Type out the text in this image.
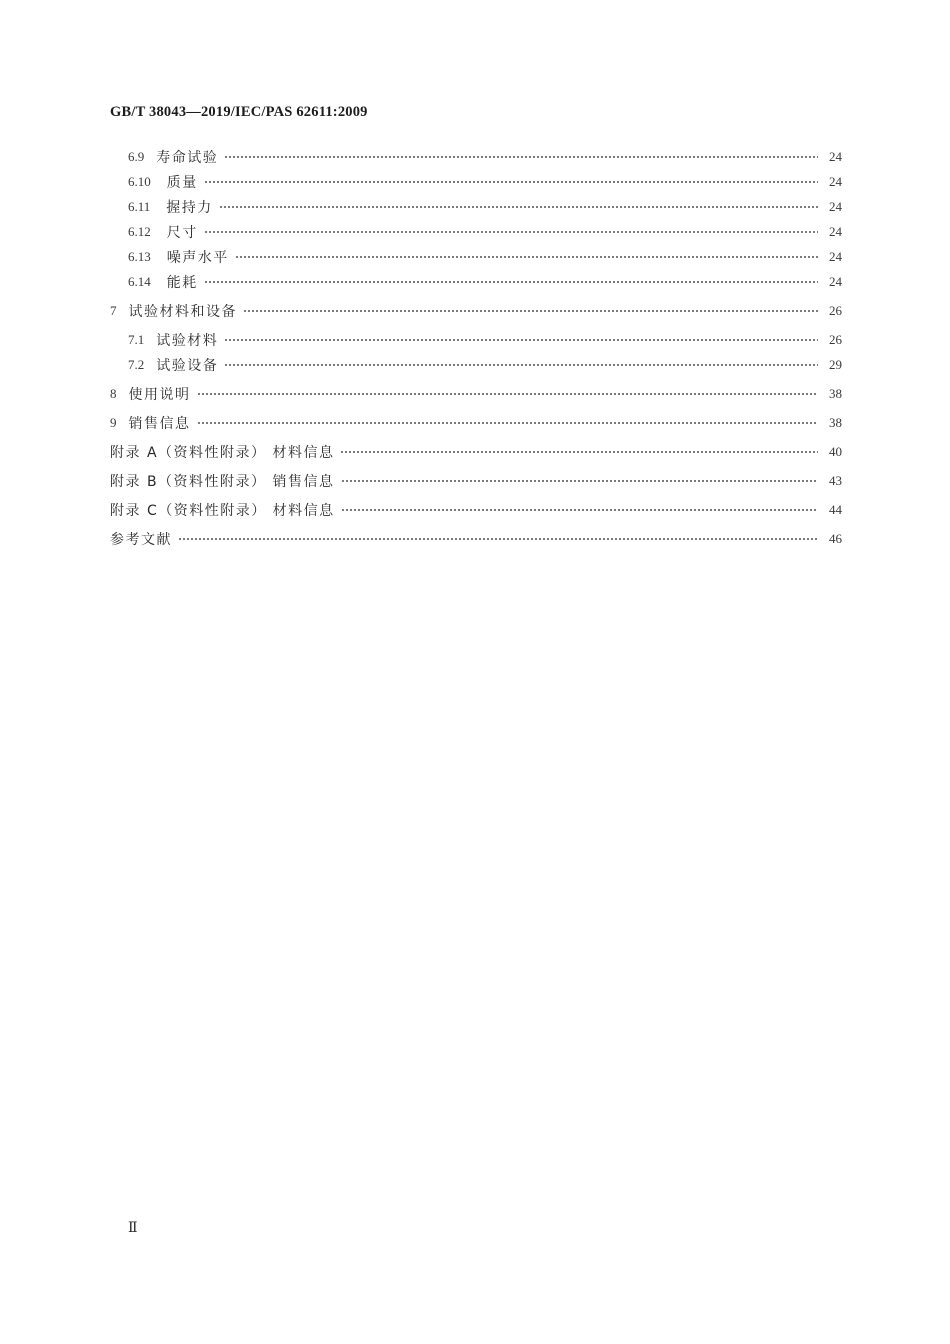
GB/T 38043—2019/IEC/PAS 62611:2009
6.9 寿命试验	24
6.10 质量	24
6.11 握持力	24
6.12 尺寸	24
6.13 噪声水平	24
6.14 能耗	24
7 试验材料和设备	26
7.1 试验材料	26
7.2 试验设备	29
8 使用说明	38
9 销售信息	38
附录 A（资料性附录） 材料信息	40
附录 B（资料性附录） 销售信息	43
附录 C（资料性附录） 材料信息	44
参考文献	46
Ⅱ
